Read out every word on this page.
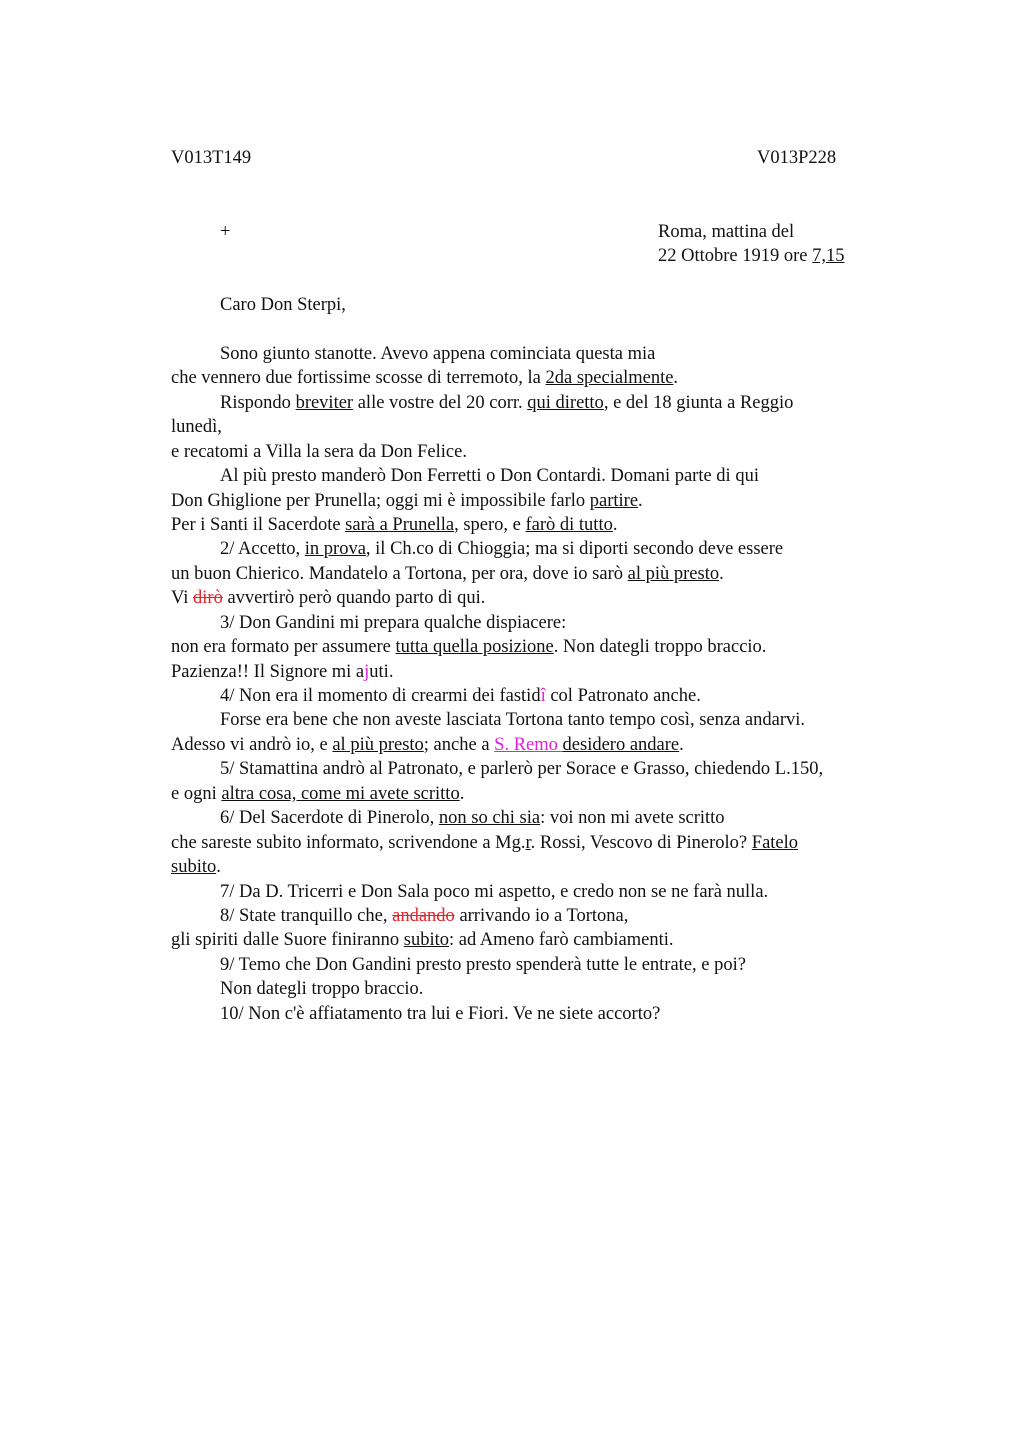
V013T149	V013P228
+	Roma, mattina del
22 Ottobre 1919 ore 7,15
Caro Don Sterpi,
Sono giunto stanotte. Avevo appena cominciata questa mia
che vennero due fortissime scosse di terremoto, la 2da specialmente.
Rispondo breviter alle vostre del 20 corr. qui diretto, e del 18 giunta a Reggio
lunedì,
e recatomi a Villa la sera da Don Felice.
Al più presto manderò Don Ferretti o Don Contardi. Domani parte di qui
Don Ghiglione per Prunella; oggi mi è impossibile farlo partire.
Per i Santi il Sacerdote sarà a Prunella, spero, e farò di tutto.
2/ Accetto, in prova, il Ch.co di Chioggia; ma si diporti secondo deve essere
un buon Chierico. Mandatelo a Tortona, per ora, dove io sarò al più presto.
Vi dirò avvertirò però quando parto di qui.
3/ Don Gandini mi prepara qualche dispiacere:
non era formato per assumere tutta quella posizione. Non dategli troppo braccio.
Pazienza!! Il Signore mi ajuti.
4/ Non era il momento di crearmi dei fastidî col Patronato anche.
Forse era bene che non aveste lasciata Tortona tanto tempo così, senza andarvi.
Adesso vi andrò io, e al più presto; anche a S. Remo desidero andare.
5/ Stamattina andrò al Patronato, e parlerò per Sorace e Grasso, chiedendo L.150,
e ogni altra cosa, come mi avete scritto.
6/ Del Sacerdote di Pinerolo, non so chi sia: voi non mi avete scritto
che sareste subito informato, scrivendone a Mg.r. Rossi, Vescovo di Pinerolo? Fatelo
subito.
7/ Da D. Tricerri e Don Sala poco mi aspetto, e credo non se ne farà nulla.
8/ State tranquillo che, andando arrivando io a Tortona,
gli spiriti dalle Suore finiranno subito: ad Ameno farò cambiamenti.
9/ Temo che Don Gandini presto presto spenderà tutte le entrate, e poi?
Non dategli troppo braccio.
10/ Non c'è affiatamento tra lui e Fiori. Ve ne siete accorto?
